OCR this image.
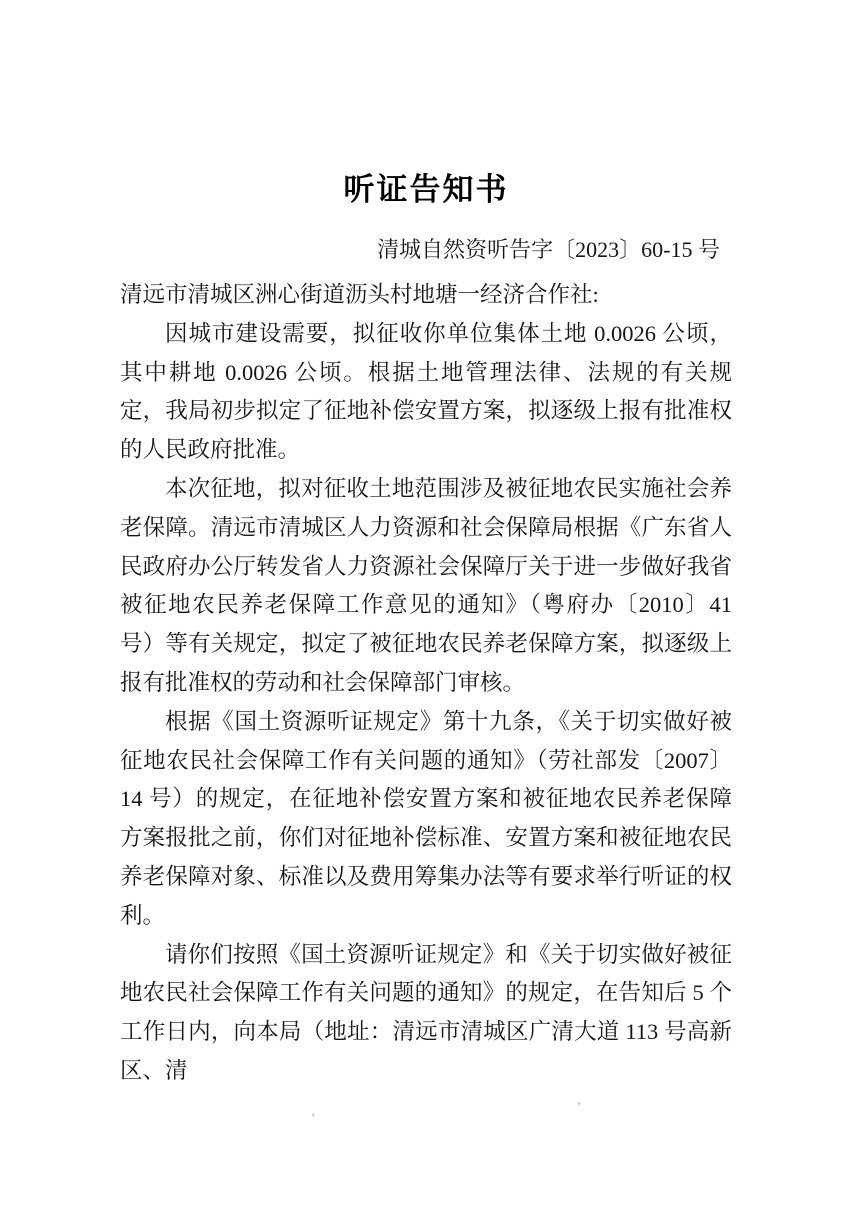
听证告知书
清城自然资听告字〔2023〕60-15 号

清远市清城区洲心街道沥头村地塘一经济合作社:

因城市建设需要，拟征收你单位集体土地 0.0026 公顷，其中耕地 0.0026 公顷。根据土地管理法律、法规的有关规定，我局初步拟定了征地补偿安置方案，拟逐级上报有批准权的人民政府批准。

本次征地，拟对征收土地范围涉及被征地农民实施社会养老保障。清远市清城区人力资源和社会保障局根据《广东省人民政府办公厅转发省人力资源社会保障厅关于进一步做好我省被征地农民养老保障工作意见的通知》（粤府办〔2010〕41 号）等有关规定，拟定了被征地农民养老保障方案，拟逐级上报有批准权的劳动和社会保障部门审核。

根据《国土资源听证规定》第十九条，《关于切实做好被征地农民社会保障工作有关问题的通知》（劳社部发〔2007〕14 号）的规定，在征地补偿安置方案和被征地农民养老保障方案报批之前，你们对征地补偿标准、安置方案和被征地农民养老保障对象、标准以及费用筹集办法等有要求举行听证的权利。

请你们按照《国土资源听证规定》和《关于切实做好被征地农民社会保障工作有关问题的通知》的规定，在告知后 5 个工作日内，向本局（地址：清远市清城区广清大道 113 号高新区、清
